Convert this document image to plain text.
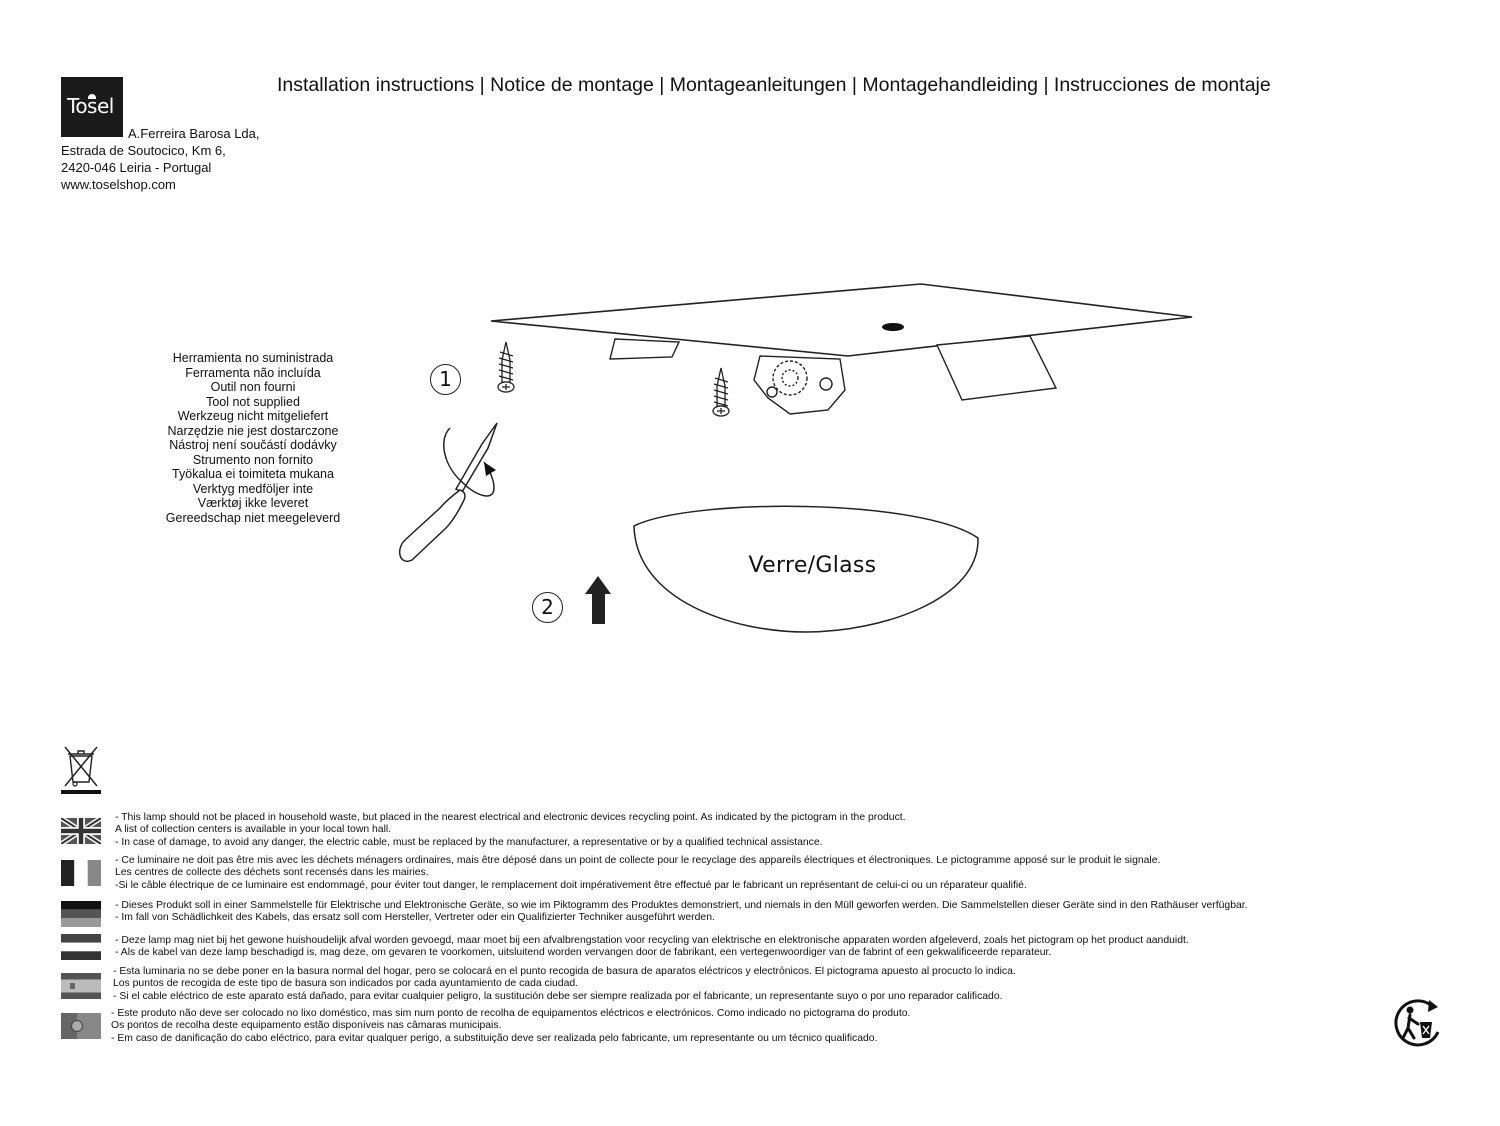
Tosel
Installation instructions | Notice de montage | Montageanleitungen | Montagehandleiding | Instrucciones de montaje
A.Ferreira Barosa Lda,
Estrada de Soutocico, Km 6,
2420-046 Leiria - Portugal
www.toselshop.com
Herramienta no suministrada
Ferramenta não incluída
Outil non fourni
Tool not supplied
Werkzeug nicht mitgeliefert
Narzędzie nie jest dostarczone
Nástroj není součástí dodávky
Strumento non fornito
Työkalua ei toimiteta mukana
Verktyg medföljer inte
Værktøj ikke leveret
Gereedschap niet meegeleverd
1
2
Verre/Glass
- This lamp should not be placed in household waste, but placed in the nearest electrical and electronic devices recycling point. As indicated by the pictogram in the product.
A list of collection centers is available in your local town hall.
- In case of damage, to avoid any danger, the electric cable, must be replaced by the manufacturer, a representative or by a qualified technical assistance.
- Ce luminaire ne doit pas être mis avec les déchets ménagers ordinaires, mais être déposé dans un point de collecte pour le recyclage des appareils électriques et électroniques. Le pictogramme apposé sur le produit le signale.
Les centres de collecte des déchets sont recensés dans les mairies.
-Si le câble électrique de ce luminaire est endommagé, pour éviter tout danger, le remplacement doit impérativement être effectué par le fabricant un représentant de celui-ci ou un réparateur qualifié.
- Dieses Produkt soll in einer Sammelstelle für Elektrische und Elektronische Geräte, so wie im Piktogramm des Produktes demonstriert, und niemals in den Müll geworfen werden. Die Sammelstellen dieser Geräte sind in den Rathäuser verfügbar.
- Im fall von Schädlichkeit des Kabels, das ersatz soll com Hersteller, Vertreter oder ein Qualifizierter Techniker ausgeführt werden.
- Deze lamp mag niet bij het gewone huishoudelijk afval worden gevoegd, maar moet bij een afvalbrengstation voor recycling van elektrische en elektronische apparaten worden afgeleverd, zoals het pictogram op het product aanduidt.
- Als de kabel van deze lamp beschadigd is, mag deze, om gevaren te voorkomen, uitsluitend worden vervangen door de fabrikant, een vertegenwoordiger van de fabrint of een gekwalificeerde reparateur.
- Esta luminaria no se debe poner en la basura normal del hogar, pero se colocará en el punto recogida de basura de aparatos eléctricos y electrónicos. El pictograma apuesto al procucto lo indica.
Los puntos de recogida de este tipo de basura son indicados por cada ayuntamiento de cada ciudad.
- Si el cable eléctrico de este aparato está dañado, para evitar cualquier peligro, la sustitución debe ser siempre realizada por el fabricante, un representante suyo o por uno reparador calificado.
- Este produto não deve ser colocado no lixo doméstico, mas sim num ponto de recolha de equipamentos eléctricos e electrónicos. Como indicado no pictograma do produto.
Os pontos de recolha deste equipamento estão disponíveis nas câmaras municipais.
- Em caso de danificação do cabo eléctrico, para evitar qualquer perigo, a substituição deve ser realizada pelo fabricante, um representante ou um técnico qualificado.
